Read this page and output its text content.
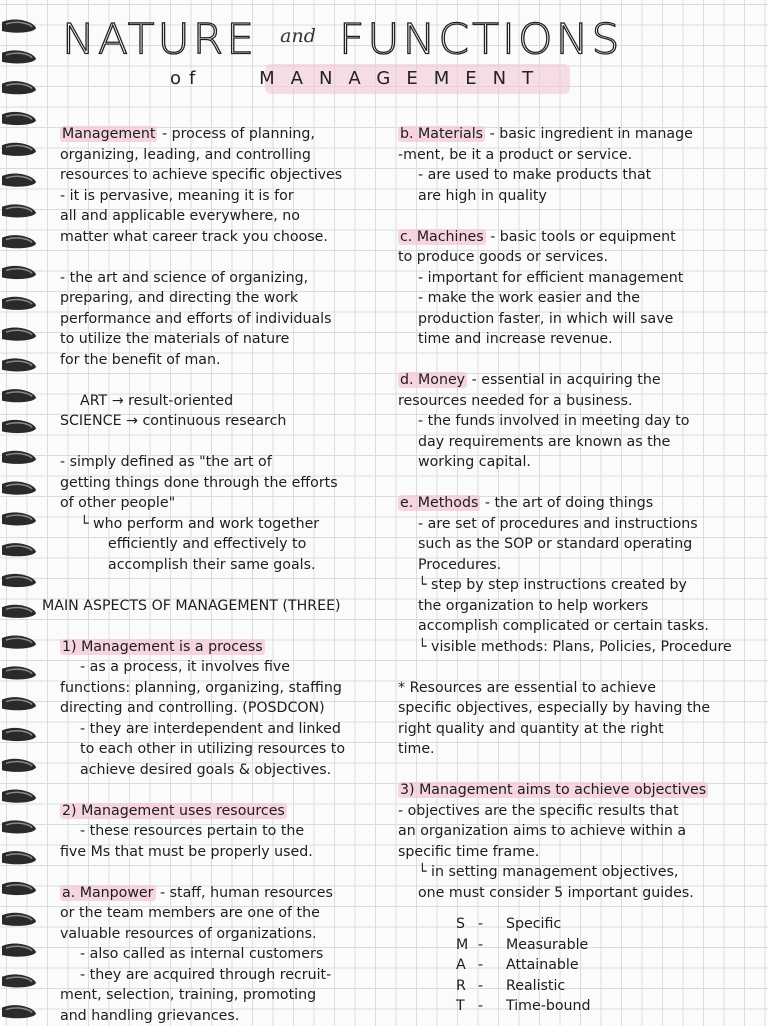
NATURE and FUNCTIONS
of	MANAGEMENT
Management - process of planning,
organizing, leading, and controlling
resources to achieve specific objectives
- it is pervasive, meaning it is for
all and applicable everywhere, no
matter what career track you choose.
- the art and science of organizing,
preparing, and directing the work
performance and efforts of individuals
to utilize the materials of nature
for the benefit of man.
ART → result-oriented
SCIENCE → continuous research
- simply defined as "the art of
getting things done through the efforts
of other people"
└ who perform and work together
efficiently and effectively to
accomplish their same goals.
MAIN ASPECTS OF MANAGEMENT (THREE)
1) Management is a process
- as a process, it involves five
functions: planning, organizing, staffing
directing and controlling. (POSDCON)
- they are interdependent and linked
to each other in utilizing resources to
achieve desired goals & objectives.
2) Management uses resources
- these resources pertain to the
five Ms that must be properly used.
a. Manpower - staff, human resources
or the team members are one of the
valuable resources of organizations.
- also called as internal customers
- they are acquired through recruit-
ment, selection, training, promoting
and handling grievances.
b. Materials - basic ingredient in manage
-ment, be it a product or service.
- are used to make products that
are high in quality
c. Machines - basic tools or equipment
to produce goods or services.
- important for efficient management
- make the work easier and the
production faster, in which will save
time and increase revenue.
d. Money - essential in acquiring the
resources needed for a business.
- the funds involved in meeting day to
day requirements are known as the
working capital.
e. Methods - the art of doing things
- are set of procedures and instructions
such as the SOP or standard operating
Procedures.
└ step by step instructions created by
the organization to help workers
accomplish complicated or certain tasks.
└ visible methods: Plans, Policies, Procedure
* Resources are essential to achieve
specific objectives, especially by having the
right quality and quantity at the right
time.
3) Management aims to achieve objectives
- objectives are the specific results that
an organization aims to achieve within a
specific time frame.
└ in setting management objectives,
one must consider 5 important guides.
S - Specific
M - Measurable
A - Attainable
R - Realistic
T - Time-bound
